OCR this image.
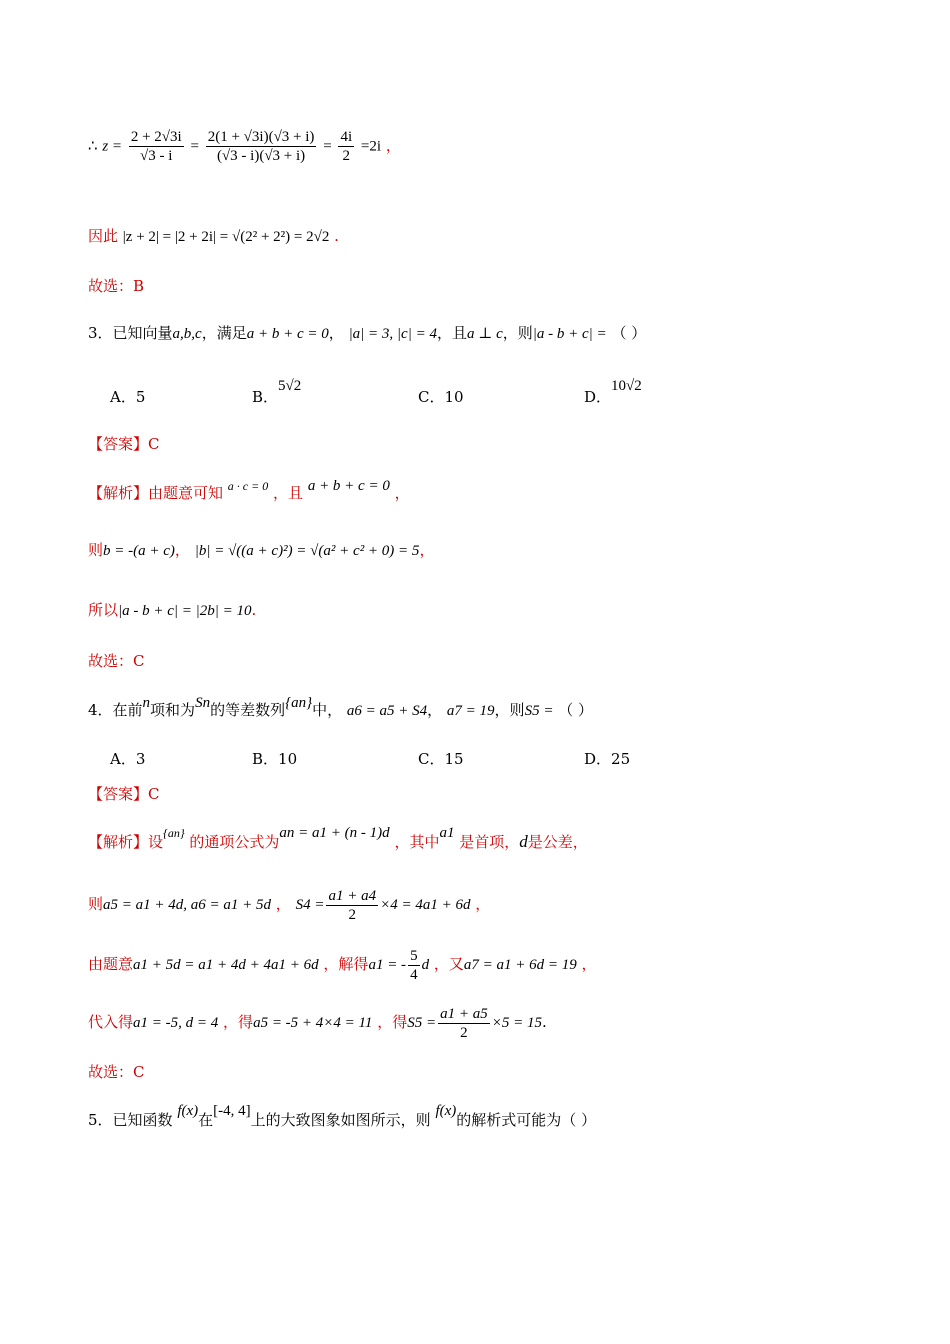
∴ $z = \frac{2 + 2√3i}{√3 - i} = \frac{2(1 + √3i)(√3 + i)}{(√3 - i)(√3 + i)} = \frac{4i}{2} =2i$ ，
因此 |z + 2| = |2 + 2i| = √(2² + 2²) = 2√2 .
故选：B
3．已知向量a,b,c，满足a + b + c = 0， |a| = 3, |c| = 4，且a ⊥ c，则|a - b + c| = （ ）
A．5	B．5√2
C．10	D．10√2
【答案】C
【解析】由题意可知 $^{a \cdot c = 0}$ ，且 a + b + c = 0 ，
则b = -(a + c)， |b| = √((a + c)²) = √(a² + c² + 0) = 5，
所以|a - b + c| = |2b| = 10.
故选：C
4．在前n项和为Sn的等差数列{an}中， a6 = a5 + S4， a7 = 19，则S5 = （ ）
A．3	B．10	C．15	D．25
【答案】C
【解析】设$^{\{an\}}$ 的通项公式为an = a1 + (n - 1)d ，其中a1 是首项，d是公差，
则a5 = a1 + 4d, a6 = a1 + 5d ， $S4 = \frac{a1 + a4}{2} \times 4 = 4a1 + 6d$ ，
由题意a1 + 5d = a1 + 4d + 4a1 + 6d ，解得a1 = - $\frac{5}{4}$ d ，又a7 = a1 + 6d = 19 ，
代入得a1 = -5, d = 4 ，得a5 = -5 + 4×4 = 11 ，得$S5 = \frac{a1 + a5}{2} \times 5 = 15$.
故选：C
5．已知函数 f(x)在[-4, 4]上的大致图象如图所示，则 f(x)的解析式可能为（ ）
